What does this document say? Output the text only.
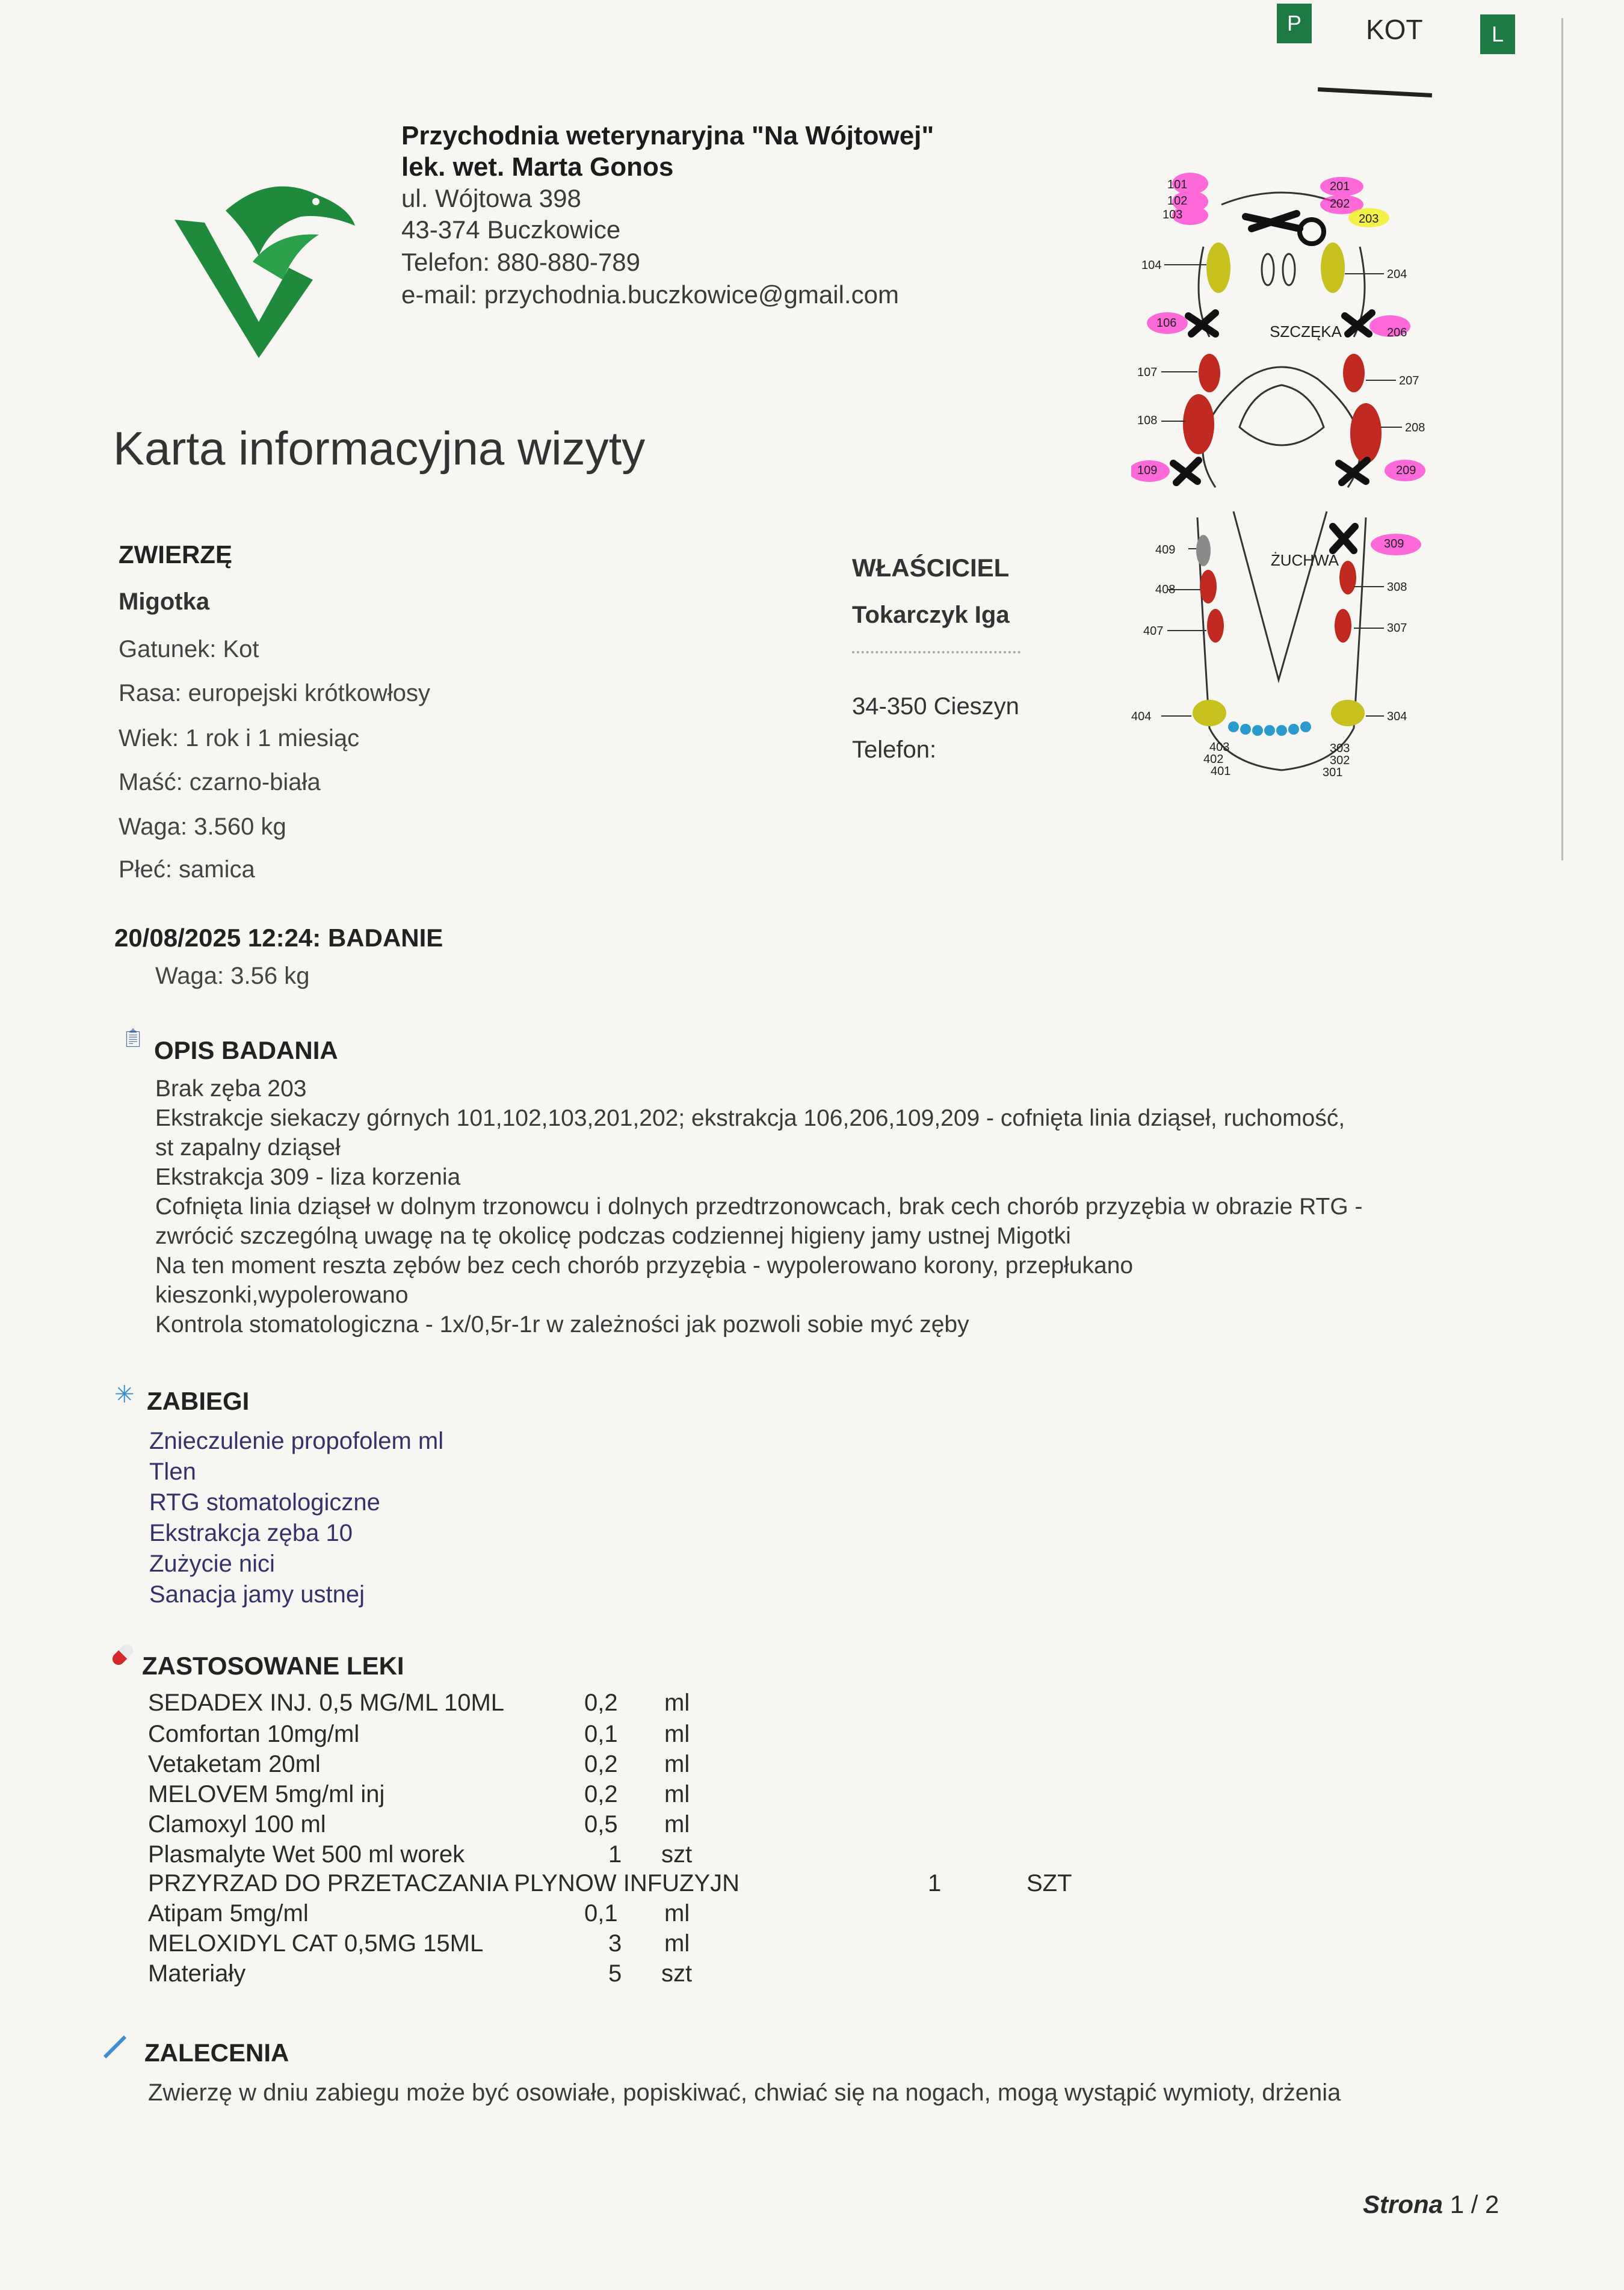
P	KOT	L
Przychodnia weterynaryjna "Na Wójtowej"
lek. wet. Marta Gonos
ul. Wójtowa 398
43-374 Buczkowice
Telefon: 880-880-789
e-mail: przychodnia.buczkowice@gmail.com
Karta informacyjna wizyty
ZWIERZĘ
Migotka
Gatunek: Kot
Rasa: europejski krótkowłosy
Wiek: 1 rok i 1 miesiąc
Maść: czarno-biała
Waga: 3.560 kg
Płeć: samica
WŁAŚCICIEL
Tokarczyk Iga
34-350 Cieszyn
Telefon:
101
102
103
104
106
107
108
109
201
202
203
204
206
207
208
209
309
308
307
304
303
302
301
409
408
407
404
403
402
401
SZCZĘKA
ŻUCHWA
20/08/2025 12:24: BADANIE
Waga: 3.56 kg
📋︎ OPIS BADANIA
Brak zęba 203
Ekstrakcje siekaczy górnych 101,102,103,201,202; ekstrakcja 106,206,109,209 - cofnięta linia dziąseł, ruchomość,
st zapalny dziąseł
Ekstrakcja 309 - liza korzenia
Cofnięta linia dziąseł w dolnym trzonowcu i dolnych przedtrzonowcach, brak cech chorób przyzębia w obrazie RTG -
zwrócić szczególną uwagę na tę okolicę podczas codziennej higieny jamy ustnej Migotki
Na ten moment reszta zębów bez cech chorób przyzębia - wypolerowano korony, przepłukano
kieszonki,wypolerowano
Kontrola stomatologiczna - 1x/0,5r-1r w zależności jak pozwoli sobie myć zęby
✳ ZABIEGI
Znieczulenie propofolem ml
Tlen
RTG stomatologiczne
Ekstrakcja zęba 10
Zużycie nici
Sanacja jamy ustnej
ZASTOSOWANE LEKI
SEDADEX INJ. 0,5 MG/ML 10ML	0,2 ml
Comfortan 10mg/ml	0,1 ml
Vetaketam 20ml	0,2 ml
MELOVEM 5mg/ml inj	0,2 ml
Clamoxyl 100 ml	0,5 ml
Plasmalyte Wet 500 ml worek	1 szt
PRZYRZAD DO PRZETACZANIA PLYNOW INFUZYJN	1	SZT
Atipam 5mg/ml	0,1 ml
MELOXIDYL CAT 0,5MG 15ML	3 ml
Materiały	5 szt
ZALECENIA
Zwierzę w dniu zabiegu może być osowiałe, popiskiwać, chwiać się na nogach, mogą wystąpić wymioty, drżenia
Strona 1 / 2
